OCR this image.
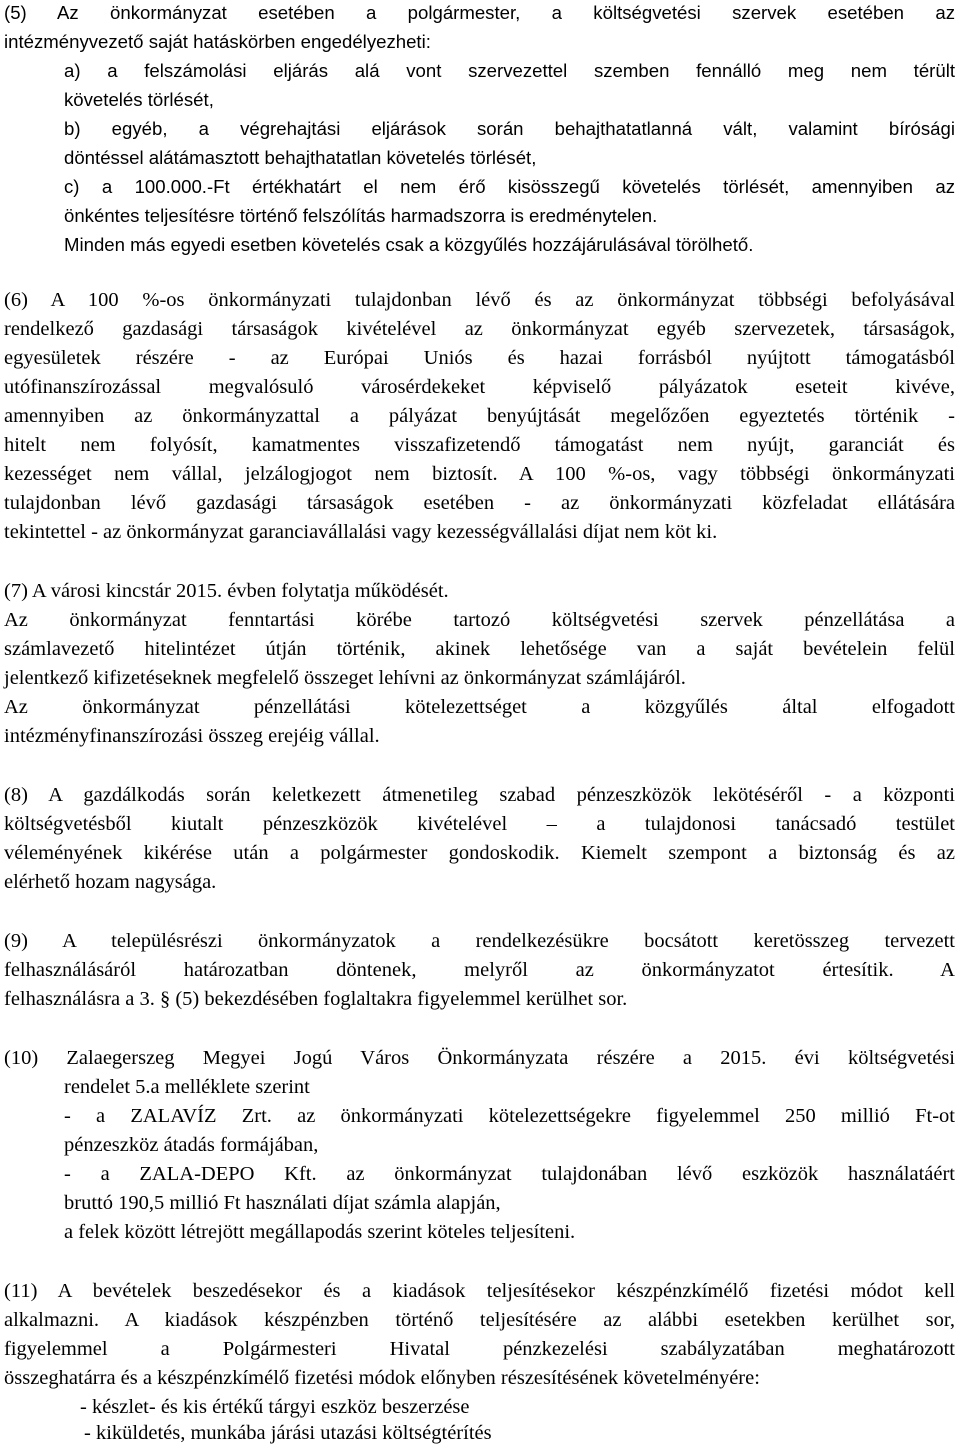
(5) Az önkormányzat esetében a polgármester, a költségvetési szervek esetében az
intézményvezető saját hatáskörben engedélyezheti:
a) a felszámolási eljárás alá vont szervezettel szemben fennálló meg nem térült
követelés törlését,
b) egyéb, a végrehajtási eljárások során behajthatatlanná vált, valamint bírósági
döntéssel alátámasztott behajthatatlan követelés törlését,
c) a 100.000.-Ft értékhatárt el nem érő kisösszegű követelés törlését, amennyiben az
önkéntes teljesítésre történő felszólítás harmadszorra is eredménytelen.
Minden más egyedi esetben követelés csak a közgyűlés hozzájárulásával törölhető.
(6) A 100 %-os önkormányzati tulajdonban lévő és az önkormányzat többségi befolyásával
rendelkező gazdasági társaságok kivételével az önkormányzat egyéb szervezetek, társaságok,
egyesületek részére - az Európai Uniós és hazai forrásból nyújtott támogatásból
utófinanszírozással megvalósuló városérdekeket képviselő pályázatok eseteit kivéve,
amennyiben az önkormányzattal a pályázat benyújtását megelőzően egyeztetés történik -
hitelt nem folyósít, kamatmentes visszafizetendő támogatást nem nyújt, garanciát és
kezességet nem vállal, jelzálogjogot nem biztosít. A 100 %-os, vagy többségi önkormányzati
tulajdonban lévő gazdasági társaságok esetében - az önkormányzati közfeladat ellátására
tekintettel - az önkormányzat garanciavállalási vagy kezességvállalási díjat nem köt ki.
(7) A városi kincstár 2015. évben folytatja működését.
Az önkormányzat fenntartási körébe tartozó költségvetési szervek pénzellátása a
számlavezető hitelintézet útján történik, akinek lehetősége van a saját bevételein felül
jelentkező kifizetéseknek megfelelő összeget lehívni az önkormányzat számlájáról.
Az önkormányzat pénzellátási kötelezettséget a közgyűlés által elfogadott
intézményfinanszírozási összeg erejéig vállal.
(8) A gazdálkodás során keletkezett átmenetileg szabad pénzeszközök lekötéséről - a központi
költségvetésből kiutalt pénzeszközök kivételével – a tulajdonosi tanácsadó testület
véleményének kikérése után a polgármester gondoskodik. Kiemelt szempont a biztonság és az
elérhető hozam nagysága.
(9) A településrészi önkormányzatok a rendelkezésükre bocsátott keretösszeg tervezett
felhasználásáról határozatban döntenek, melyről az önkormányzatot értesítik. A
felhasználásra a 3. § (5) bekezdésében foglaltakra figyelemmel kerülhet sor.
(10) Zalaegerszeg Megyei Jogú Város Önkormányzata részére a 2015. évi költségvetési
rendelet 5.a melléklete szerint
- a ZALAVÍZ Zrt. az önkormányzati kötelezettségekre figyelemmel 250 millió Ft-ot
pénzeszköz átadás formájában,
- a ZALA-DEPO Kft. az önkormányzat tulajdonában lévő eszközök használatáért
bruttó 190,5 millió Ft használati díjat számla alapján,
a felek között létrejött megállapodás szerint köteles teljesíteni.
(11) A bevételek beszedésekor és a kiadások teljesítésekor készpénzkímélő fizetési módot kell
alkalmazni. A kiadások készpénzben történő teljesítésére az alábbi esetekben kerülhet sor,
figyelemmel a Polgármesteri Hivatal pénzkezelési szabályzatában meghatározott
összeghatárra és a készpénzkímélő fizetési módok előnyben részesítésének követelményére:
- készlet- és kis értékű tárgyi eszköz beszerzése
- kiküldetés, munkába járási utazási költségtérítés
